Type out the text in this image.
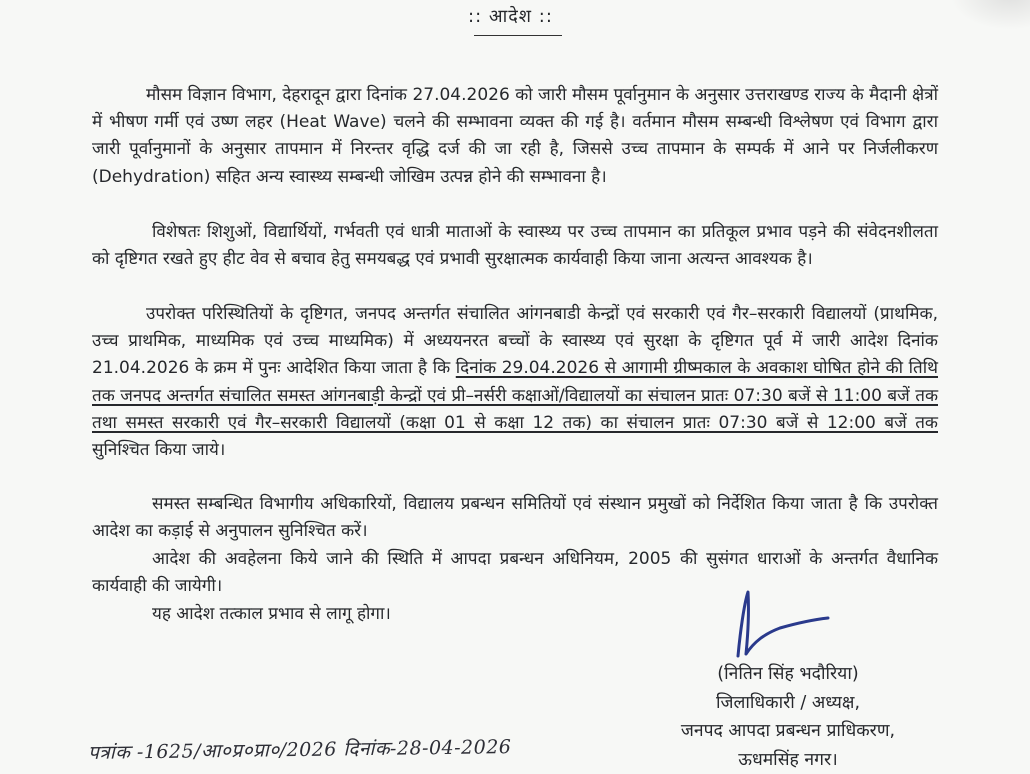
:: आदेश ::

मौसम विज्ञान विभाग, देहरादून द्वारा दिनांक 27.04.2026 को जारी मौसम पूर्वानुमान के अनुसार उत्तराखण्ड राज्य के मैदानी क्षेत्रों में भीषण गर्मी एवं उष्ण लहर (Heat Wave) चलने की सम्भावना व्यक्त की गई है। वर्तमान मौसम सम्बन्धी विश्लेषण एवं विभाग द्वारा जारी पूर्वानुमानों के अनुसार तापमान में निरन्तर वृद्धि दर्ज की जा रही है, जिससे उच्च तापमान के सम्पर्क में आने पर निर्जलीकरण (Dehydration) सहित अन्य स्वास्थ्य सम्बन्धी जोखिम उत्पन्न होने की सम्भावना है।

विशेषतः शिशुओं, विद्यार्थियों, गर्भवती एवं धात्री माताओं के स्वास्थ्य पर उच्च तापमान का प्रतिकूल प्रभाव पड़ने की संवेदनशीलता को दृष्टिगत रखते हुए हीट वेव से बचाव हेतु समयबद्ध एवं प्रभावी सुरक्षात्मक कार्यवाही किया जाना अत्यन्त आवश्यक है।

उपरोक्त परिस्थितियों के दृष्टिगत, जनपद अन्तर्गत संचालित आंगनबाडी केन्द्रों एवं सरकारी एवं गैर–सरकारी विद्यालयों (प्राथमिक, उच्च प्राथमिक, माध्यमिक एवं उच्च माध्यमिक) में अध्ययनरत बच्चों के स्वास्थ्य एवं सुरक्षा के दृष्टिगत पूर्व में जारी आदेश दिनांक 21.04.2026 के क्रम में पुनः आदेशित किया जाता है कि दिनांक 29.04.2026 से आगामी ग्रीष्मकाल के अवकाश घोषित होने की तिथि तक जनपद अन्तर्गत संचालित समस्त आंगनबाड़ी केन्द्रों एवं प्री–नर्सरी कक्षाओं/विद्यालयों का संचालन प्रातः 07:30 बजें से 11:00 बजें तक तथा समस्त सरकारी एवं गैर–सरकारी विद्यालयों (कक्षा 01 से कक्षा 12 तक) का संचालन प्रातः 07:30 बजें से 12:00 बजें तक सुनिश्चित किया जाये।

समस्त सम्बन्धित विभागीय अधिकारियों, विद्यालय प्रबन्धन समितियों एवं संस्थान प्रमुखों को निर्देशित किया जाता है कि उपरोक्त आदेश का कड़ाई से अनुपालन सुनिश्चित करें।

आदेश की अवहेलना किये जाने की स्थिति में आपदा प्रबन्धन अधिनियम, 2005 की सुसंगत धाराओं के अन्तर्गत वैधानिक कार्यवाही की जायेगी।

यह आदेश तत्काल प्रभाव से लागू होगा।

(नितिन सिंह भदौरिया)
जिलाधिकारी / अध्यक्ष,
जनपद आपदा प्रबन्धन प्राधिकरण,
ऊधमसिंह नगर।
पत्रांक -1625/आ०प्र०प्रा०/2026 दिनांक-28-04-2026
